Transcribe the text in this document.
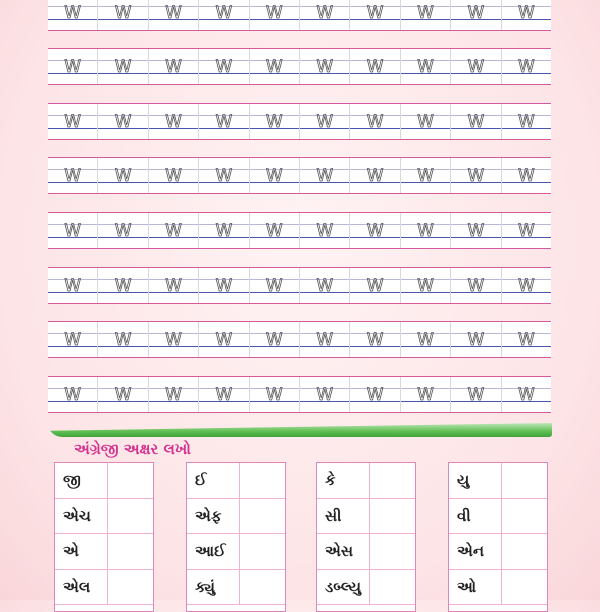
W W W W W W W W W W
W W W W W W W W W W
W W W W W W W W W W
W W W W W W W W W W
W W W W W W W W W W
W W W W W W W W W W
W W W W W W W W W W
W W W W W W W W W W
અંગ્રેજી અક્ષર લખો
જી
એચ
એ
એલ
ઈ
એફ
આઈ
ક્યું
કે
સી
એસ
ડબ્લ્યુ
યુ
વી
એન
ઓ
